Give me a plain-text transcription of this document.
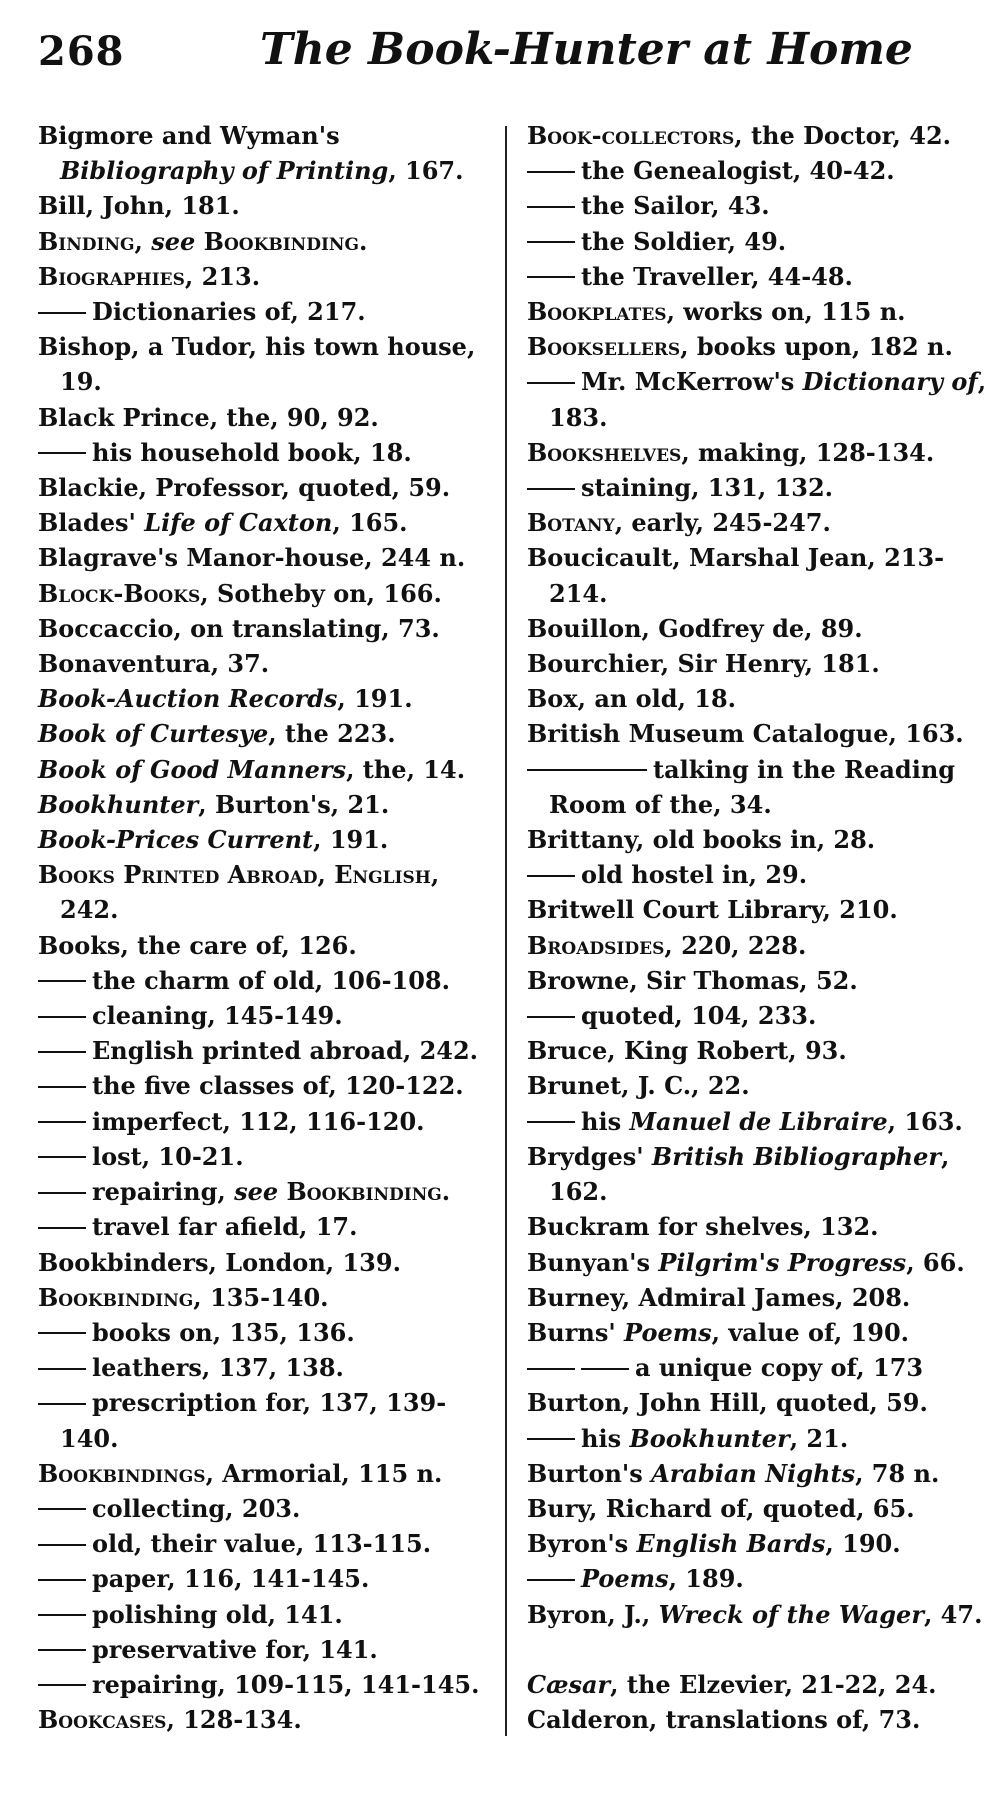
268	The Book-Hunter at Home

Bigmore and Wyman's Bibliography of Printing, 167.

Bill, John, 181.

Binding, see Bookbinding.

Biographies, 213.

Dictionaries of, 217.

Bishop, a Tudor, his town house, 19.

Black Prince, the, 90, 92.

his household book, 18.

Blackie, Professor, quoted, 59.

Blades' Life of Caxton, 165.

Blagrave's Manor-house, 244 n.

Block-Books, Sotheby on, 166.

Boccaccio, on translating, 73.

Bonaventura, 37.

Book-Auction Records, 191.

Book of Curtesye, the 223.

Book of Good Manners, the, 14.

Bookhunter, Burton's, 21.

Book-Prices Current, 191.

Books Printed Abroad, English, 242.

Books, the care of, 126.

the charm of old, 106-108.

cleaning, 145-149.

English printed abroad, 242.

the five classes of, 120-122.

imperfect, 112, 116-120.

lost, 10-21.

repairing, see Bookbinding.

travel far afield, 17.

Bookbinders, London, 139.

Bookbinding, 135-140.

books on, 135, 136.

leathers, 137, 138.

prescription for, 137, 139-140.

Bookbindings, Armorial, 115 n.

collecting, 203.

old, their value, 113-115.

paper, 116, 141-145.

polishing old, 141.

preservative for, 141.

repairing, 109-115, 141-145.

Bookcases, 128-134.

Book-collectors, the Doctor, 42.

the Genealogist, 40-42.

the Sailor, 43.

the Soldier, 49.

the Traveller, 44-48.

Bookplates, works on, 115 n.

Booksellers, books upon, 182 n.

Mr. McKerrow's Dictionary of, 183.

Bookshelves, making, 128-134.

staining, 131, 132.

Botany, early, 245-247.

Boucicault, Marshal Jean, 213-214.

Bouillon, Godfrey de, 89.

Bourchier, Sir Henry, 181.

Box, an old, 18.

British Museum Catalogue, 163.

talking in the Reading Room of the, 34.

Brittany, old books in, 28.

old hostel in, 29.

Britwell Court Library, 210.

Broadsides, 220, 228.

Browne, Sir Thomas, 52.

quoted, 104, 233.

Bruce, King Robert, 93.

Brunet, J. C., 22.

his Manuel de Libraire, 163.

Brydges' British Bibliographer, 162.

Buckram for shelves, 132.

Bunyan's Pilgrim's Progress, 66.

Burney, Admiral James, 208.

Burns' Poems, value of, 190.

a unique copy of, 173

Burton, John Hill, quoted, 59.

his Bookhunter, 21.

Burton's Arabian Nights, 78 n.

Bury, Richard of, quoted, 65.

Byron's English Bards, 190.

Poems, 189.

Byron, J., Wreck of the Wager, 47.

Cæsar, the Elzevier, 21-22, 24.

Calderon, translations of, 73.
